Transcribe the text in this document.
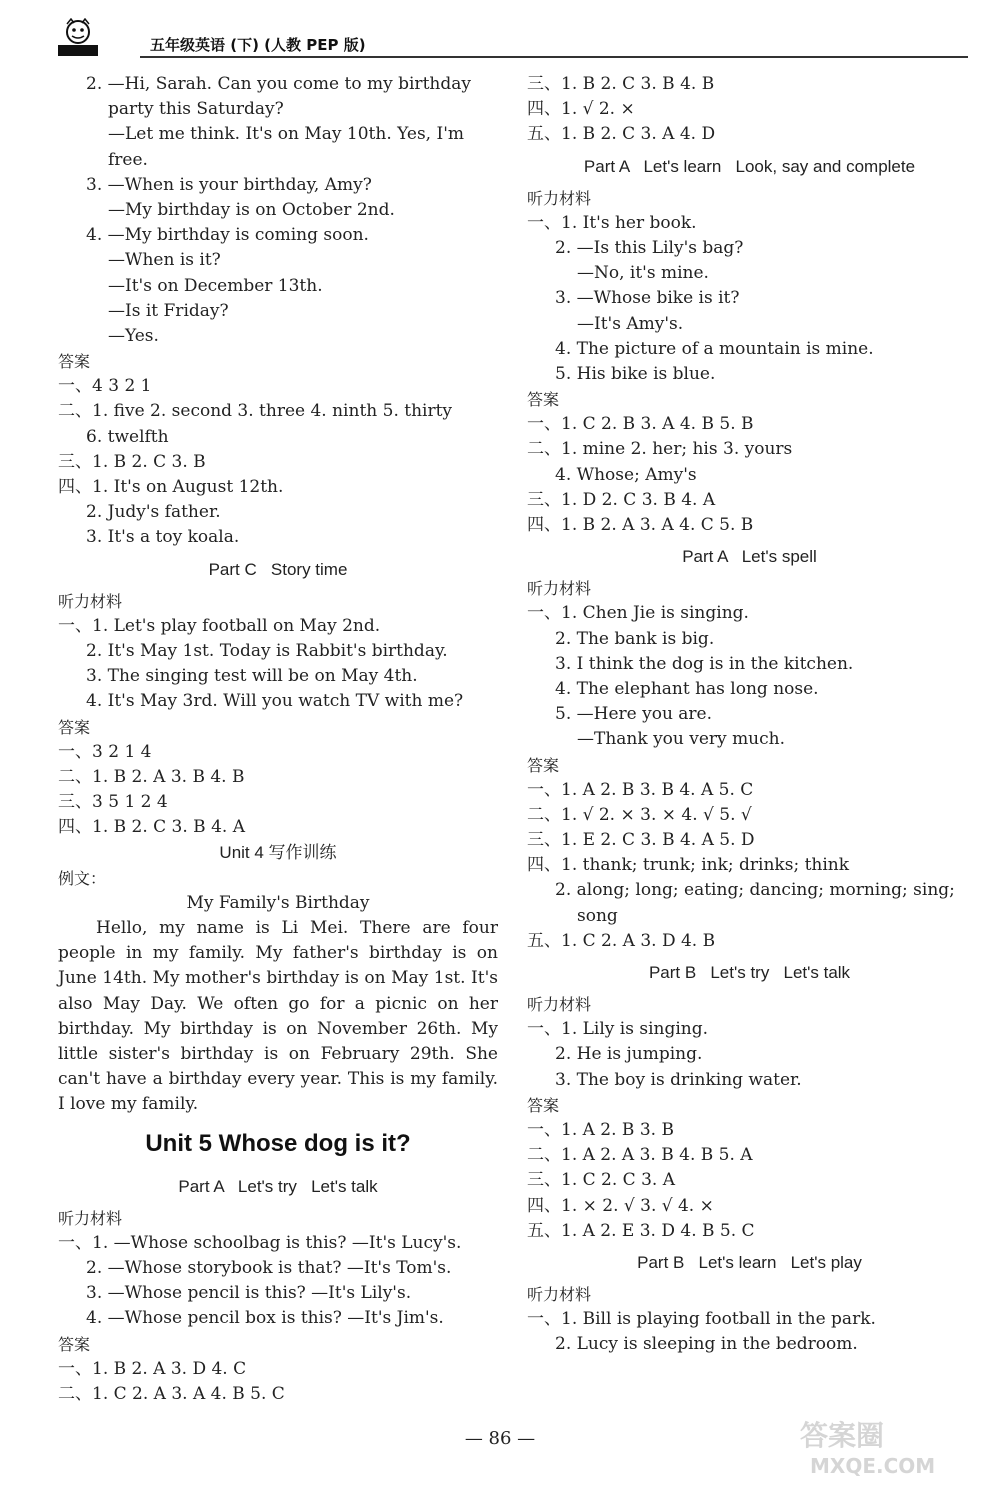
五年级英语 (下) (人教 PEP 版)
2. —Hi, Sarah. Can you come to my birthday
party this Saturday?
—Let me think. It's on May 10th. Yes, I'm
free.
3. —When is your birthday, Amy?
—My birthday is on October 2nd.
4. —My birthday is coming soon.
—When is it?
—It's on December 13th.
—Is it Friday?
—Yes.
答案
一、4 3 2 1
二、1. five 2. second 3. three 4. ninth 5. thirty
6. twelfth
三、1. B 2. C 3. B
四、1. It's on August 12th.
2. Judy's father.
3. It's a toy koala.
Part C   Story time
听力材料
一、1. Let's play football on May 2nd.
2. It's May 1st. Today is Rabbit's birthday.
3. The singing test will be on May 4th.
4. It's May 3rd. Will you watch TV with me?
答案
一、3 2 1 4
二、1. B 2. A 3. B 4. B
三、3 5 1 2 4
四、1. B 2. C 3. B 4. A
Unit 4 写作训练
例文：
My Family's Birthday
Hello, my name is Li Mei. There are four people in my family. My father's birthday is on June 14th. My mother's birthday is on May 1st. It's also May Day. We often go for a picnic on her birthday. My birthday is on November 26th. My little sister's birthday is on February 29th. She can't have a birthday every year. This is my family. I love my family.
Unit 5 Whose dog is it?
Part A   Let's try   Let's talk
听力材料
一、1. —Whose schoolbag is this? —It's Lucy's.
2. —Whose storybook is that? —It's Tom's.
3. —Whose pencil is this? —It's Lily's.
4. —Whose pencil box is this? —It's Jim's.
答案
一、1. B 2. A 3. D 4. C
二、1. C 2. A 3. A 4. B 5. C
三、1. B 2. C 3. B 4. B
四、1. √ 2. ×
五、1. B 2. C 3. A 4. D
Part A   Let's learn   Look, say and complete
听力材料
一、1. It's her book.
2. —Is this Lily's bag?
—No, it's mine.
3. —Whose bike is it?
—It's Amy's.
4. The picture of a mountain is mine.
5. His bike is blue.
答案
一、1. C 2. B 3. A 4. B 5. B
二、1. mine 2. her; his 3. yours
4. Whose; Amy's
三、1. D 2. C 3. B 4. A
四、1. B 2. A 3. A 4. C 5. B
Part A   Let's spell
听力材料
一、1. Chen Jie is singing.
2. The bank is big.
3. I think the dog is in the kitchen.
4. The elephant has long nose.
5. —Here you are.
—Thank you very much.
答案
一、1. A 2. B 3. B 4. A 5. C
二、1. √ 2. × 3. × 4. √ 5. √
三、1. E 2. C 3. B 4. A 5. D
四、1. thank; trunk; ink; drinks; think
2. along; long; eating; dancing; morning; sing;
song
五、1. C 2. A 3. D 4. B
Part B   Let's try   Let's talk
听力材料
一、1. Lily is singing.
2. He is jumping.
3. The boy is drinking water.
答案
一、1. A 2. B 3. B
二、1. A 2. A 3. B 4. B 5. A
三、1. C 2. C 3. A
四、1. × 2. √ 3. √ 4. ×
五、1. A 2. E 3. D 4. B 5. C
Part B   Let's learn   Let's play
听力材料
一、1. Bill is playing football in the park.
2. Lucy is sleeping in the bedroom.
— 86 —	答案圈
MXQE.COM
